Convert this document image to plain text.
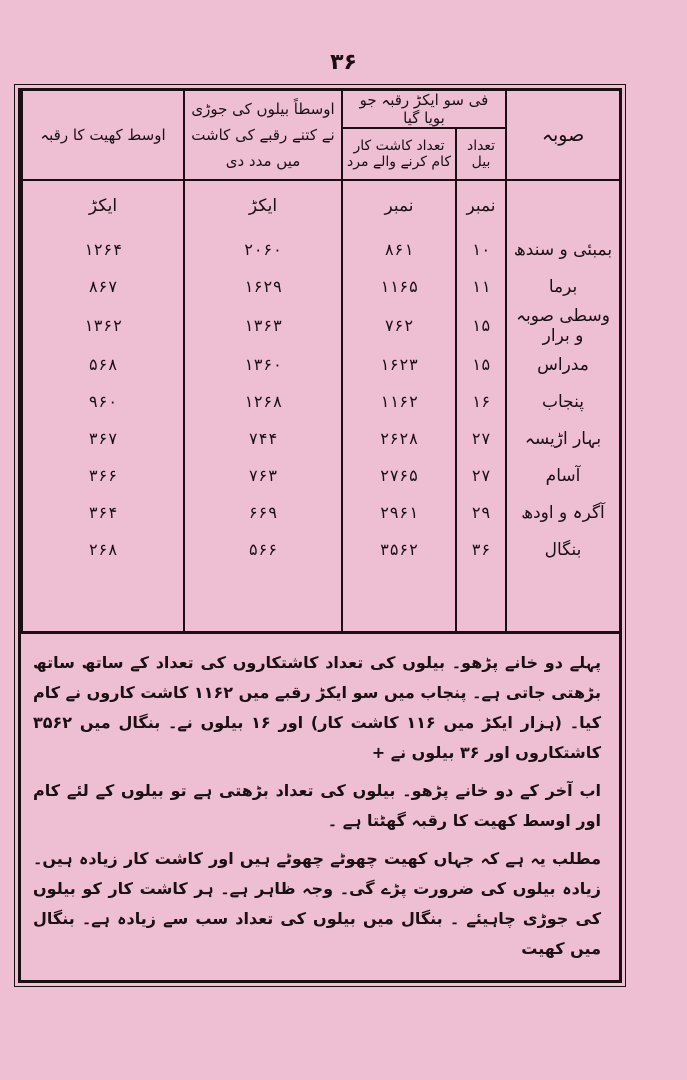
۳۶
صوبہ	فی سو ایکڑ رقبہ جو بویا گیا		اوسطاً بیلوں کی جوڑی نے کتنے رقبے کی کاشت میں مدد دی	اوسط کھیت کا رقبہ
	تعداد بیل	تعداد کاشت کار کام کرنے والے مرد		
	نمبر	نمبر	ایکڑ	ایکڑ
بمبئی و سندھ	۱۰	۸۶۱	۲۰۶۰	۱۲۶۴
برما	۱۱	۱۱۶۵	۱۶۲۹	۸۶۷
وسطی صوبہ و برار	۱۵	۷۶۲	۱۳۶۳	۱۳۶۲
مدراس	۱۵	۱۶۲۳	۱۳۶۰	۵۶۸
پنجاب	۱۶	۱۱۶۲	۱۲۶۸	۹۶۰
بہار اڑیسہ	۲۷	۲۶۲۸	۷۴۴	۳۶۷
آسام	۲۷	۲۷۶۵	۷۶۳	۳۶۶
آگرہ و اودھ	۲۹	۲۹۶۱	۶۶۹	۳۶۴
بنگال	۳۶	۳۵۶۲	۵۶۶	۲۶۸

پہلے دو خانے پڑھو۔ بیلوں کی تعداد کاشتکاروں کی تعداد کے ساتھ ساتھ بڑھتی جاتی ہے۔ پنجاب میں سو ایکڑ رقبے میں ۱۱۶۲ کاشت کاروں نے کام کیا۔ (ہزار ایکڑ میں ۱۱۶ کاشت کار) اور ۱۶ بیلوں نے۔ بنگال میں ۳۵۶۲ کاشتکاروں اور ۳۶ بیلوں نے +

اب آخر کے دو خانے پڑھو۔ بیلوں کی تعداد بڑھتی ہے تو بیلوں کے لئے کام اور اوسط کھیت کا رقبہ گھٹتا ہے ۔

مطلب یہ ہے کہ جہاں کھیت چھوٹے چھوٹے ہیں اور کاشت کار زیادہ ہیں۔ زیادہ بیلوں کی ضرورت پڑے گی۔ وجہ ظاہر ہے۔ ہر کاشت کار کو بیلوں کی جوڑی چاہیئے ۔ بنگال میں بیلوں کی تعداد سب سے زیادہ ہے۔ بنگال میں کھیت
